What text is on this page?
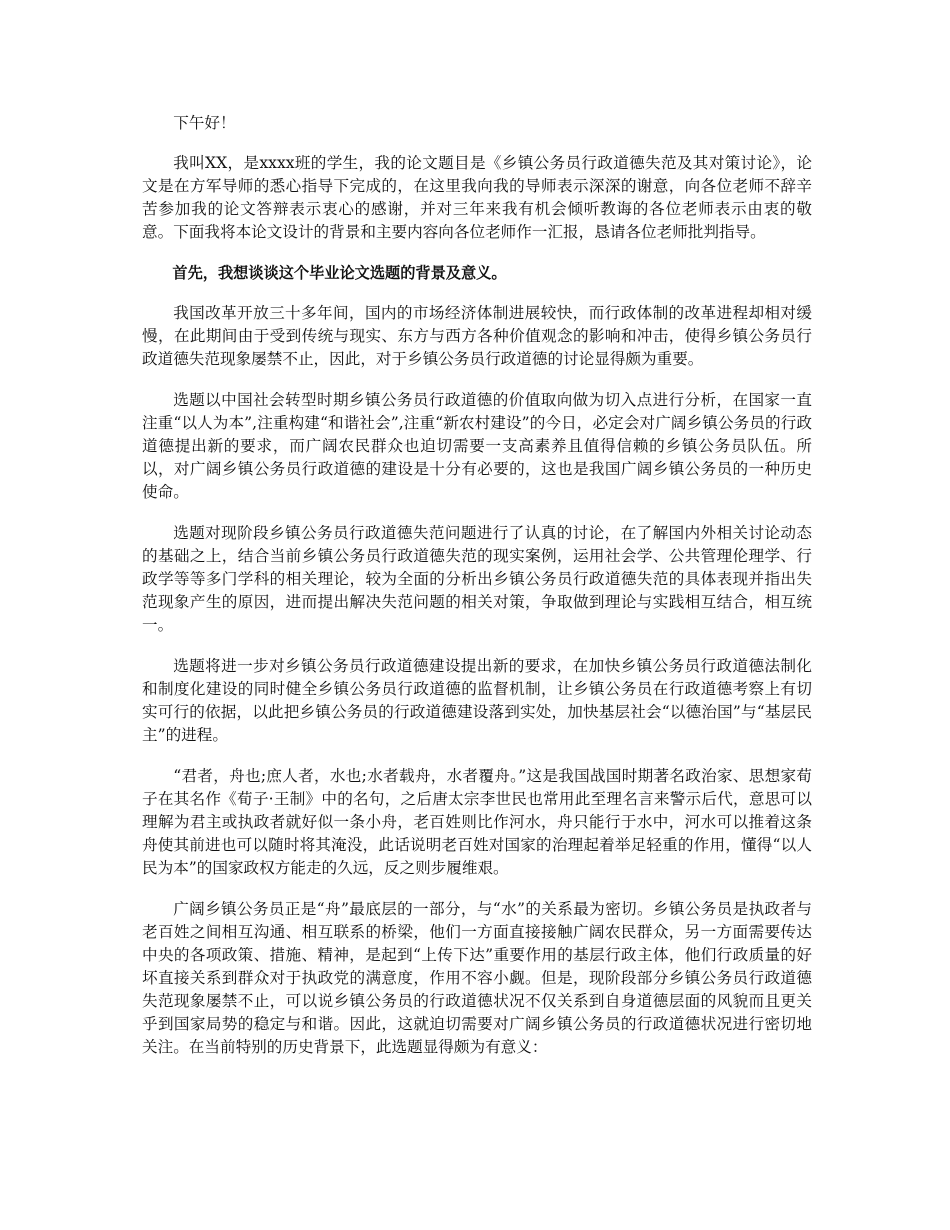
下午好！

我叫XX，是xxxx班的学生，我的论文题目是《乡镇公务员行政道德失范及其对策讨论》，论文是在方军导师的悉心指导下完成的，在这里我向我的导师表示深深的谢意，向各位老师不辞辛苦参加我的论文答辩表示衷心的感谢，并对三年来我有机会倾听教诲的各位老师表示由衷的敬意。下面我将本论文设计的背景和主要内容向各位老师作一汇报，恳请各位老师批判指导。

首先，我想谈谈这个毕业论文选题的背景及意义。

我国改革开放三十多年间，国内的市场经济体制进展较快，而行政体制的改革进程却相对缓慢，在此期间由于受到传统与现实、东方与西方各种价值观念的影响和冲击，使得乡镇公务员行政道德失范现象屡禁不止，因此，对于乡镇公务员行政道德的讨论显得颇为重要。

选题以中国社会转型时期乡镇公务员行政道德的价值取向做为切入点进行分析，在国家一直注重“以人为本”,注重构建“和谐社会”,注重“新农村建设”的今日，必定会对广阔乡镇公务员的行政道德提出新的要求，而广阔农民群众也迫切需要一支高素养且值得信赖的乡镇公务员队伍。所以，对广阔乡镇公务员行政道德的建设是十分有必要的，这也是我国广阔乡镇公务员的一种历史使命。

选题对现阶段乡镇公务员行政道德失范问题进行了认真的讨论，在了解国内外相关讨论动态的基础之上，结合当前乡镇公务员行政道德失范的现实案例，运用社会学、公共管理伦理学、行政学等等多门学科的相关理论，较为全面的分析出乡镇公务员行政道德失范的具体表现并指出失范现象产生的原因，进而提出解决失范问题的相关对策，争取做到理论与实践相互结合，相互统一。

选题将进一步对乡镇公务员行政道德建设提出新的要求，在加快乡镇公务员行政道德法制化和制度化建设的同时健全乡镇公务员行政道德的监督机制，让乡镇公务员在行政道德考察上有切实可行的依据，以此把乡镇公务员的行政道德建设落到实处，加快基层社会“以德治国”与“基层民主”的进程。

“君者，舟也;庶人者，水也;水者载舟，水者覆舟。”这是我国战国时期著名政治家、思想家荀子在其名作《荀子·王制》中的名句，之后唐太宗李世民也常用此至理名言来警示后代，意思可以理解为君主或执政者就好似一条小舟，老百姓则比作河水，舟只能行于水中，河水可以推着这条舟使其前进也可以随时将其淹没，此话说明老百姓对国家的治理起着举足轻重的作用，懂得“以人民为本”的国家政权方能走的久远，反之则步履维艰。

广阔乡镇公务员正是“舟”最底层的一部分，与“水”的关系最为密切。乡镇公务员是执政者与老百姓之间相互沟通、相互联系的桥梁，他们一方面直接接触广阔农民群众，另一方面需要传达中央的各项政策、措施、精神，是起到“上传下达”重要作用的基层行政主体，他们行政质量的好坏直接关系到群众对于执政党的满意度，作用不容小觑。但是，现阶段部分乡镇公务员行政道德失范现象屡禁不止，可以说乡镇公务员的行政道德状况不仅关系到自身道德层面的风貌而且更关乎到国家局势的稳定与和谐。因此，这就迫切需要对广阔乡镇公务员的行政道德状况进行密切地关注。在当前特别的历史背景下，此选题显得颇为有意义：
